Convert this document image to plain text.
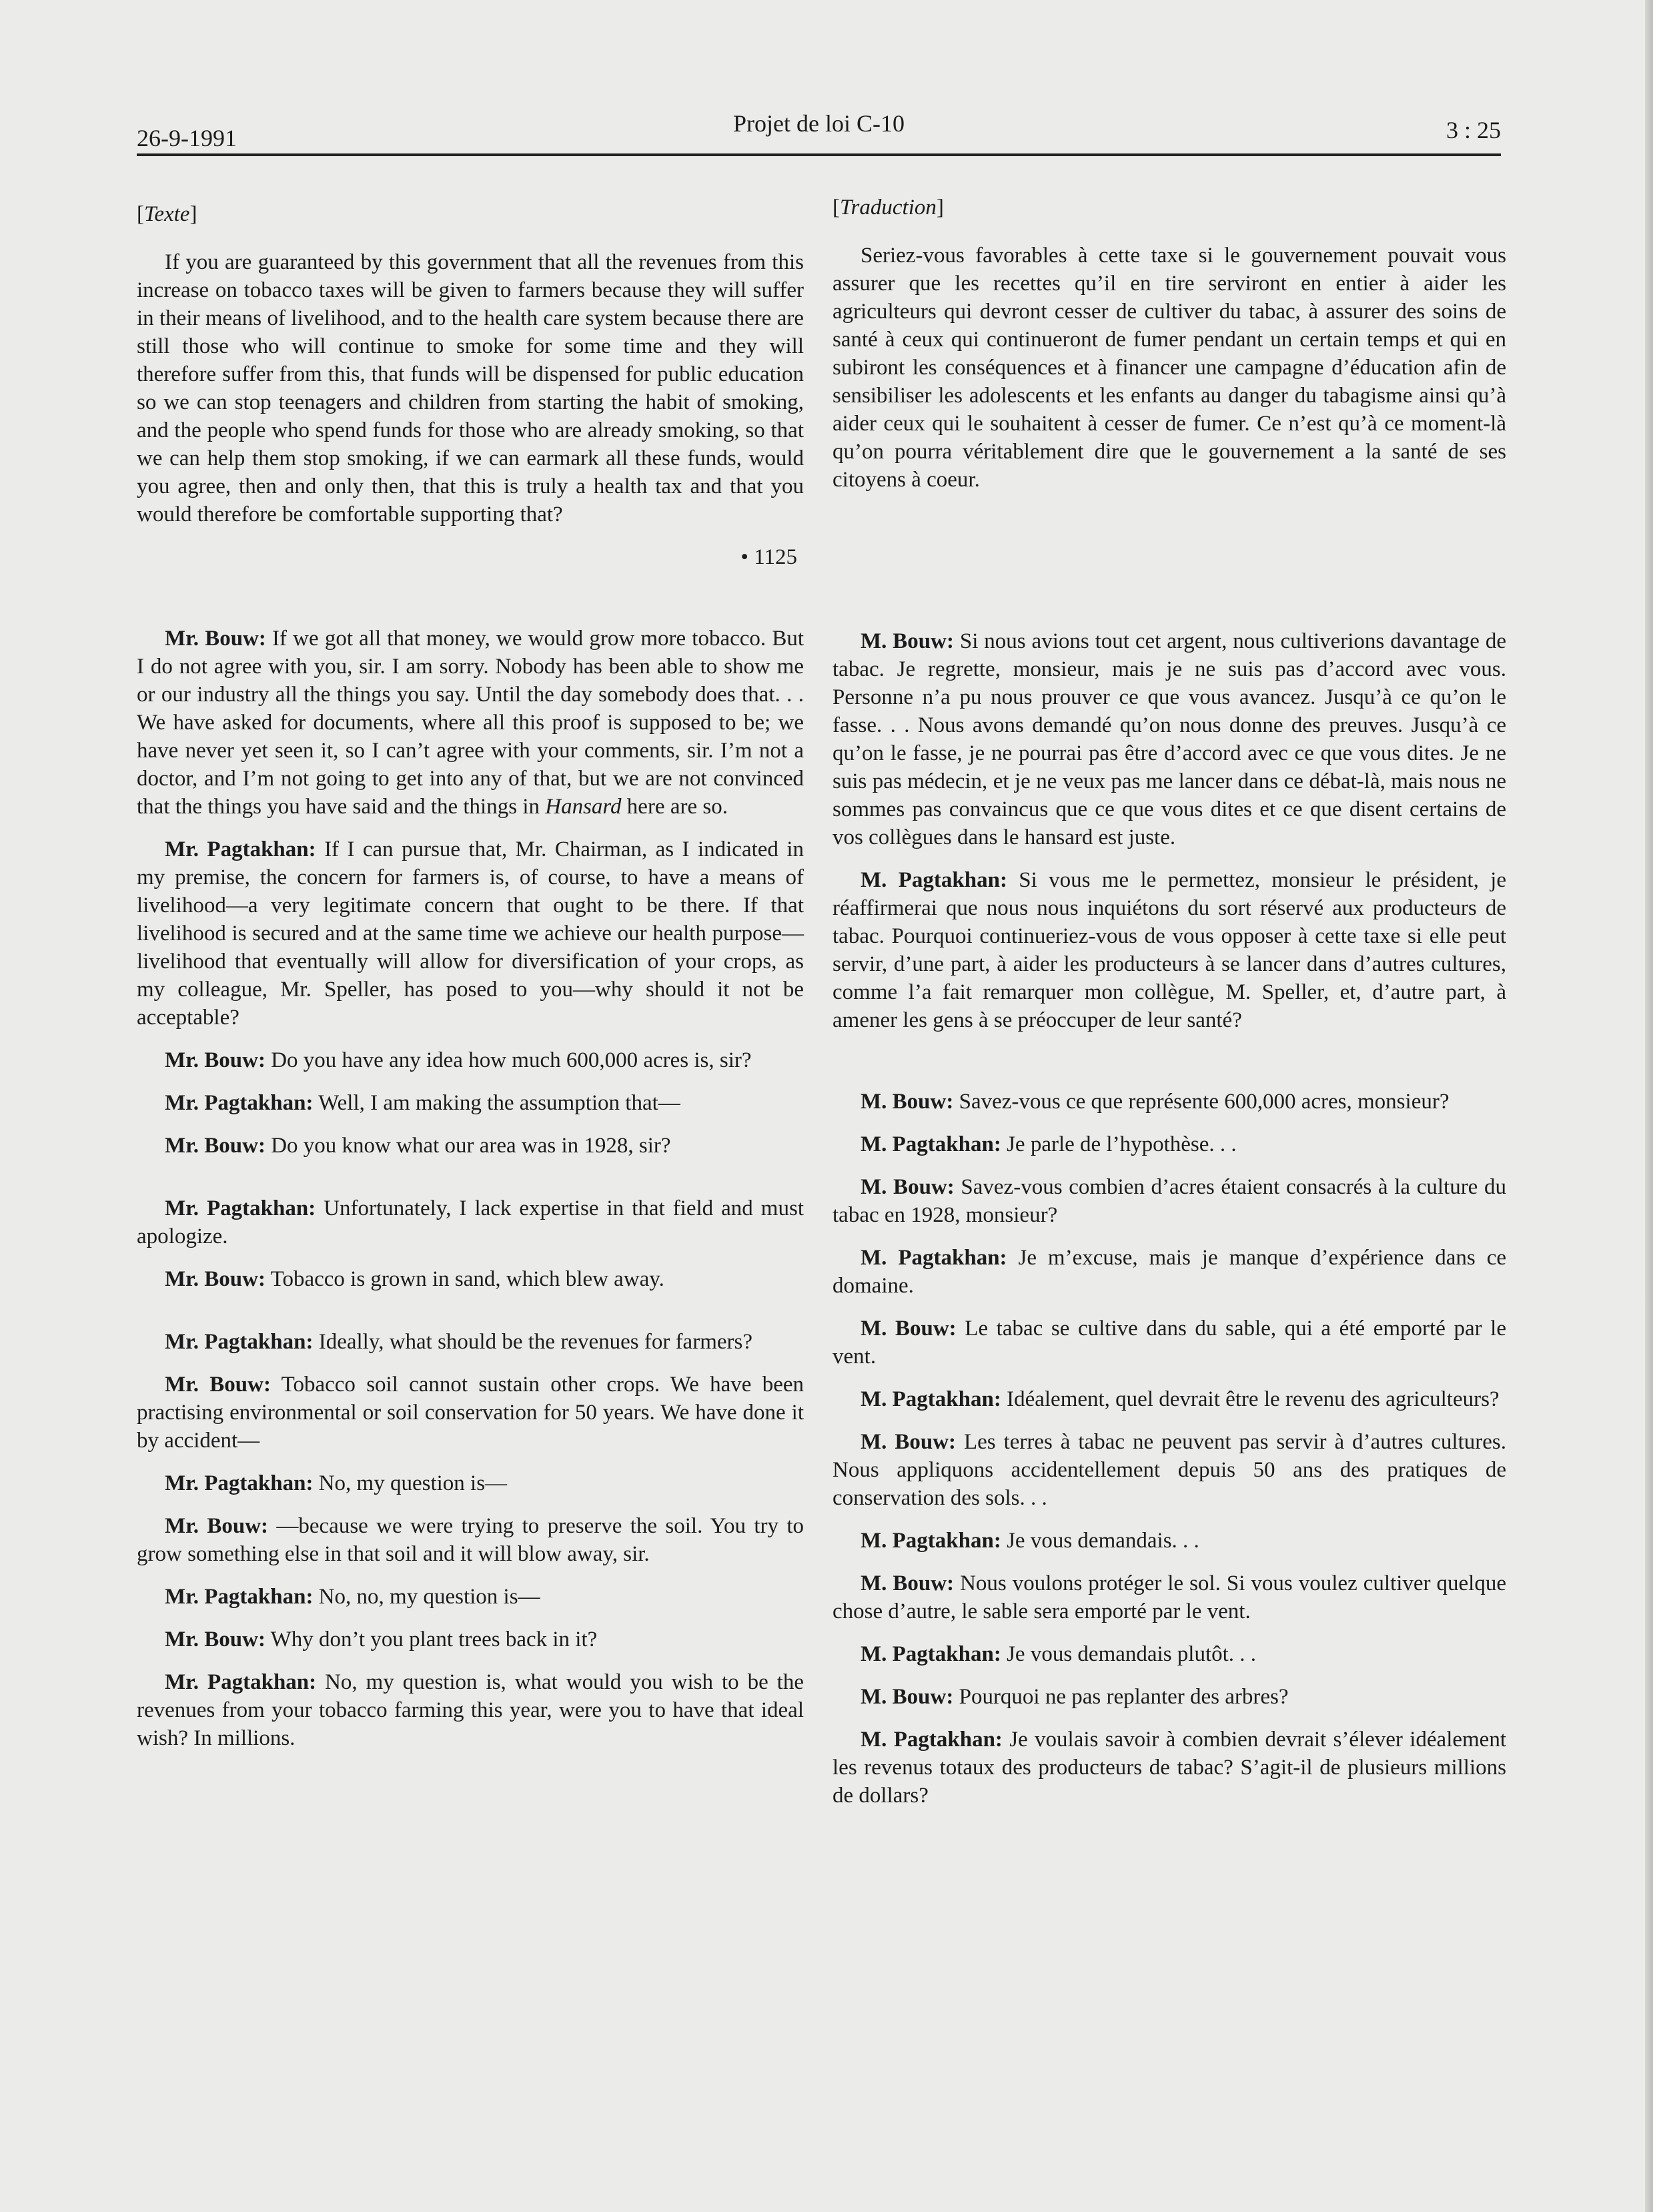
26-9-1991
Projet de loi C-10	3 : 25
[Texte]

If you are guaranteed by this government that all the revenues from this increase on tobacco taxes will be given to farmers because they will suffer in their means of livelihood, and to the health care system because there are still those who will continue to smoke for some time and they will therefore suffer from this, that funds will be dispensed for public education so we can stop teenagers and children from starting the habit of smoking, and the people who spend funds for those who are already smoking, so that we can help them stop smoking, if we can earmark all these funds, would you agree, then and only then, that this is truly a health tax and that you would therefore be comfortable supporting that?

• 1125

Mr. Bouw: If we got all that money, we would grow more tobacco. But I do not agree with you, sir. I am sorry. Nobody has been able to show me or our industry all the things you say. Until the day somebody does that. . . We have asked for documents, where all this proof is supposed to be; we have never yet seen it, so I can’t agree with your comments, sir. I’m not a doctor, and I’m not going to get into any of that, but we are not convinced that the things you have said and the things in Hansard here are so.

Mr. Pagtakhan: If I can pursue that, Mr. Chairman, as I indicated in my premise, the concern for farmers is, of course, to have a means of livelihood—a very legitimate concern that ought to be there. If that livelihood is secured and at the same time we achieve our health purpose—livelihood that eventually will allow for diversification of your crops, as my colleague, Mr. Speller, has posed to you—why should it not be acceptable?

Mr. Bouw: Do you have any idea how much 600,000 acres is, sir?

Mr. Pagtakhan: Well, I am making the assumption that—

Mr. Bouw: Do you know what our area was in 1928, sir?

Mr. Pagtakhan: Unfortunately, I lack expertise in that field and must apologize.

Mr. Bouw: Tobacco is grown in sand, which blew away.

Mr. Pagtakhan: Ideally, what should be the revenues for farmers?

Mr. Bouw: Tobacco soil cannot sustain other crops. We have been practising environmental or soil conservation for 50 years. We have done it by accident—

Mr. Pagtakhan: No, my question is—

Mr. Bouw: —because we were trying to preserve the soil. You try to grow something else in that soil and it will blow away, sir.

Mr. Pagtakhan: No, no, my question is—

Mr. Bouw: Why don’t you plant trees back in it?

Mr. Pagtakhan: No, my question is, what would you wish to be the revenues from your tobacco farming this year, were you to have that ideal wish? In millions.

[Traduction]

Seriez-vous favorables à cette taxe si le gouvernement pouvait vous assurer que les recettes qu’il en tire serviront en entier à aider les agriculteurs qui devront cesser de cultiver du tabac, à assurer des soins de santé à ceux qui continueront de fumer pendant un certain temps et qui en subiront les conséquences et à financer une campagne d’éducation afin de sensibiliser les adolescents et les enfants au danger du tabagisme ainsi qu’à aider ceux qui le souhaitent à cesser de fumer. Ce n’est qu’à ce moment-là qu’on pourra véritablement dire que le gouvernement a la santé de ses citoyens à coeur.

M. Bouw: Si nous avions tout cet argent, nous cultiverions davantage de tabac. Je regrette, monsieur, mais je ne suis pas d’accord avec vous. Personne n’a pu nous prouver ce que vous avancez. Jusqu’à ce qu’on le fasse. . . Nous avons demandé qu’on nous donne des preuves. Jusqu’à ce qu’on le fasse, je ne pourrai pas être d’accord avec ce que vous dites. Je ne suis pas médecin, et je ne veux pas me lancer dans ce débat-là, mais nous ne sommes pas convaincus que ce que vous dites et ce que disent certains de vos collègues dans le hansard est juste.

M. Pagtakhan: Si vous me le permettez, monsieur le président, je réaffirmerai que nous nous inquiétons du sort réservé aux producteurs de tabac. Pourquoi continueriez-vous de vous opposer à cette taxe si elle peut servir, d’une part, à aider les producteurs à se lancer dans d’autres cultures, comme l’a fait remarquer mon collègue, M. Speller, et, d’autre part, à amener les gens à se préoccuper de leur santé?

M. Bouw: Savez-vous ce que représente 600,000 acres, monsieur?

M. Pagtakhan: Je parle de l’hypothèse. . .

M. Bouw: Savez-vous combien d’acres étaient consacrés à la culture du tabac en 1928, monsieur?

M. Pagtakhan: Je m’excuse, mais je manque d’expérience dans ce domaine.

M. Bouw: Le tabac se cultive dans du sable, qui a été emporté par le vent.

M. Pagtakhan: Idéalement, quel devrait être le revenu des agriculteurs?

M. Bouw: Les terres à tabac ne peuvent pas servir à d’autres cultures. Nous appliquons accidentellement depuis 50 ans des pratiques de conservation des sols. . .

M. Pagtakhan: Je vous demandais. . .

M. Bouw: Nous voulons protéger le sol. Si vous voulez cultiver quelque chose d’autre, le sable sera emporté par le vent.

M. Pagtakhan: Je vous demandais plutôt. . .

M. Bouw: Pourquoi ne pas replanter des arbres?

M. Pagtakhan: Je voulais savoir à combien devrait s’élever idéalement les revenus totaux des producteurs de tabac? S’agit-il de plusieurs millions de dollars?
